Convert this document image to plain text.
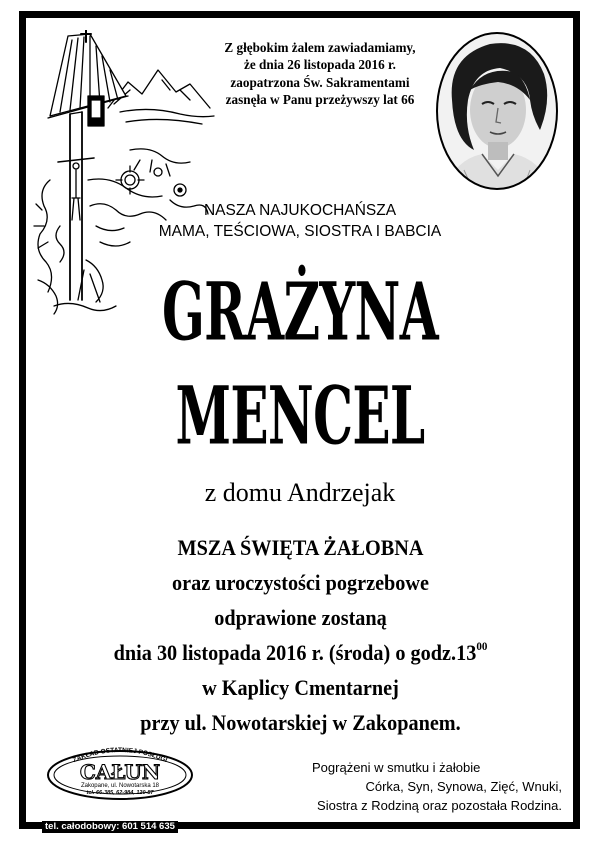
Z głębokim żalem zawiadamiamy,
że dnia 26 listopada 2016 r.
zaopatrzona Św. Sakramentami
zasnęła w Panu przeżywszy lat 66
NASZA NAJUKOCHAŃSZA
MAMA, TEŚCIOWA, SIOSTRA I BABCIA
GRAŻYNA
MENCEL
z domu Andrzejak
MSZA ŚWIĘTA ŻAŁOBNA
oraz uroczystości pogrzebowe
odprawione zostaną
dnia 30 listopada 2016 r. (środa) o $godz.13^{00}$
w Kaplicy Cmentarnej
przy ul. Nowotarskiej w Zakopanem.
ZAKŁAD OSTATNIEJ POSŁUGI
CAŁUN
Zakopane, ul. Nowotarska 18
tel. 66-385, 62-984, 120-87
Pogrążeni w smutku i żałobie
Córka, Syn, Synowa, Zięć, Wnuki,
Siostra z Rodziną oraz pozostała Rodzina.
tel. całodobowy: 601 514 635
